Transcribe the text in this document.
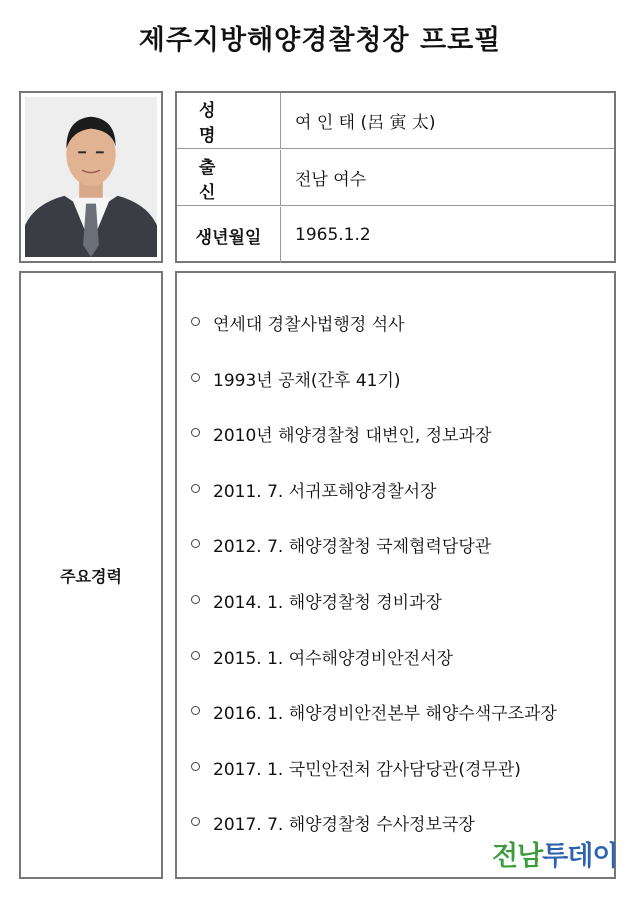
제주지방해양경찰청장 프로필
성 명
여 인 태 (呂 寅 太)
출 신
전남 여수
생년월일	1965.1.2
주요경력
연세대 경찰사법행정 석사
1993년 공채(간후 41기)
2010년 해양경찰청 대변인, 정보과장
2011. 7. 서귀포해양경찰서장
2012. 7. 해양경찰청 국제협력담당관
2014. 1. 해양경찰청 경비과장
2015. 1. 여수해양경비안전서장
2016. 1. 해양경비안전본부 해양수색구조과장
2017. 1. 국민안전처 감사담당관(경무관)
2017. 7. 해양경찰청 수사정보국장
전남투데이
